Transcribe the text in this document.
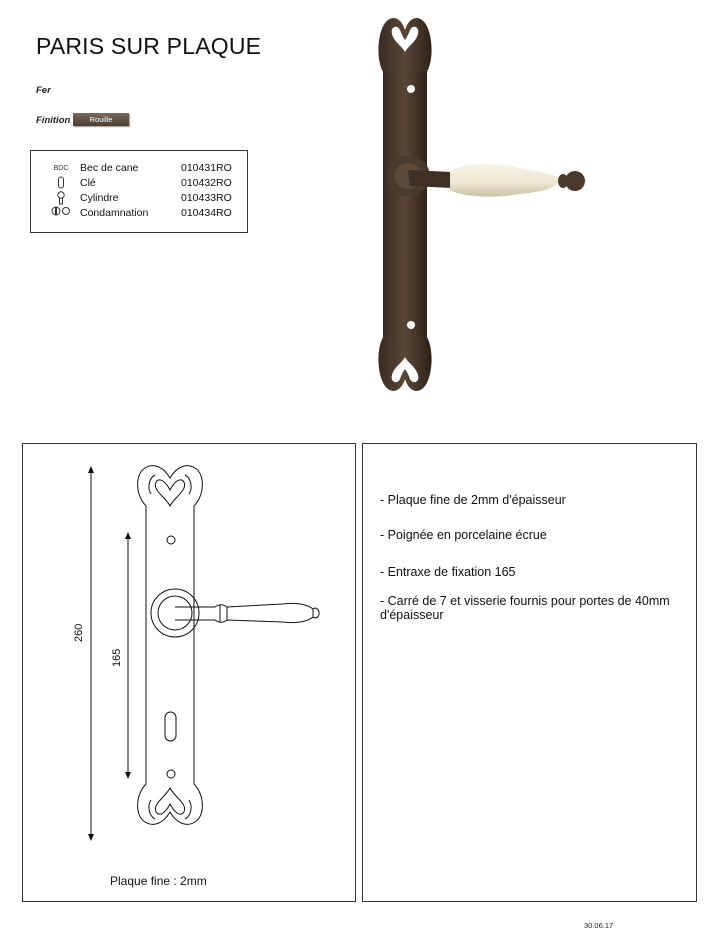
PARIS SUR PLAQUE
Fer
Finition	Rouille
BDC	Bec de cane	010431RO
Clé	010432RO
Cylindre	010433RO
Condamnation	010434RO
260
165
Plaque fine : 2mm
- Plaque fine de 2mm d'épaisseur
- Poignée en porcelaine écrue
- Entraxe de fixation 165
- Carré de 7 et visserie fournis pour portes de 40mm d'épaisseur
30.06.17
